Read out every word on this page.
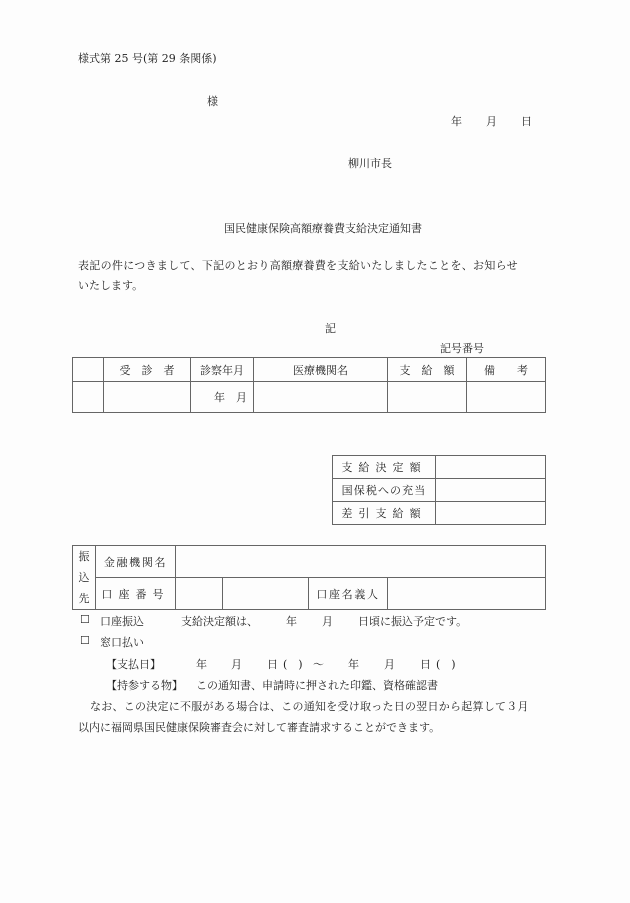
様式第 25 号(第 29 条関係)
様
年 月 日
柳川市長
国民健康保険高額療養費支給決定通知書
表記の件につきまして、下記のとおり高額療養費を支給いたしましたことを、お知らせ
いたします。
記
記号番号
	受　診　者	診察年月	医療機関名	支　給　額	備　　考
		年　月			
支給決定額	
国保税への充当	
差引支給額	
振
込
先	金融機関名				
	口座番号			口座名義人	
☐ 口座振込	支給決定額は、	年 月 日頃に振込予定です。
☐ 窓口払い
【支払日】	年 月 日 (　) ～ 年 月 日 (　)
【持参する物】 この通知書、申請時に押された印鑑、資格確認書
なお、この決定に不服がある場合は、この通知を受け取った日の翌日から起算して３月
以内に福岡県国民健康保険審査会に対して審査請求することができます。
